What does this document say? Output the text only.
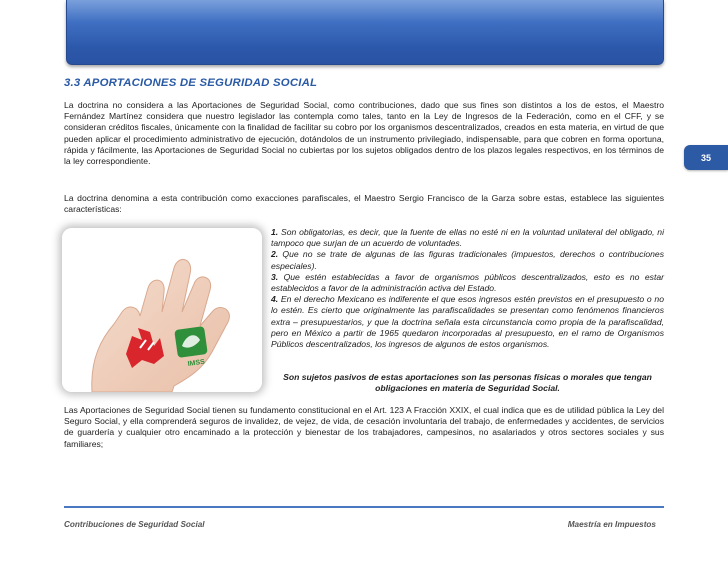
3.3 APORTACIONES DE SEGURIDAD SOCIAL

La doctrina no considera a las Aportaciones de Seguridad Social, como contribuciones, dado que sus fines son distintos a los de estos, el Maestro Fernández Martínez considera que nuestro legislador las contempla como tales, tanto en la Ley de Ingresos de la Federación, como en el CFF, y se consideran créditos fiscales, únicamente con la finalidad de facilitar su cobro por los organismos descentralizados, creados en esta materia, en virtud de que pueden aplicar el procedimiento administrativo de ejecución, dotándolos de un instrumento privilegiado, indispensable, para que cobren en forma oportuna, rápida y fácilmente, las Aportaciones de Seguridad Social no cubiertas por los sujetos obligados dentro de los plazos legales respectivos, en los términos de la ley correspondiente.	35

La doctrina denomina a esta contribución como exacciones parafiscales, el Maestro Sergio Francisco de la Garza sobre estas, establece las siguientes características:

IMSS

1. Son obligatorias, es decir, que la fuente de ellas no esté ni en la voluntad unilateral del obligado, ni tampoco que surjan de un acuerdo de voluntades.

2. Que no se trate de algunas de las figuras tradicionales (impuestos, derechos o contribuciones especiales).

3. Que estén establecidas a favor de organismos públicos descentralizados, esto es no estar establecidos a favor de la administración activa del Estado.

4. En el derecho Mexicano es indiferente el que esos ingresos estén previstos en el presupuesto o no lo estén. Es cierto que originalmente las parafiscalidades se presentan como fenómenos financieros extra – presupuestarios, y que la doctrina señala esta circunstancia como propia de la parafiscalidad, pero en México a partir de 1965 quedaron incorporadas al presupuesto, en el ramo de Organismos Públicos descentralizados, los ingresos de algunos de estos organismos.

Son sujetos pasivos de estas aportaciones son las personas físicas o morales que tengan obligaciones en materia de Seguridad Social.

Las Aportaciones de Seguridad Social tienen su fundamento constitucional en el Art. 123 A Fracción XXIX, el cual indica que es de utilidad pública la Ley del Seguro Social, y ella comprenderá seguros de invalidez, de vejez, de vida, de cesación involuntaria del trabajo, de enfermedades y accidentes, de servicios de guardería y cualquier otro encaminado a la protección y bienestar de los trabajadores, campesinos, no asalariados y otros sectores sociales y sus familiares;

Contribuciones de Seguridad Social	Maestría en Impuestos
